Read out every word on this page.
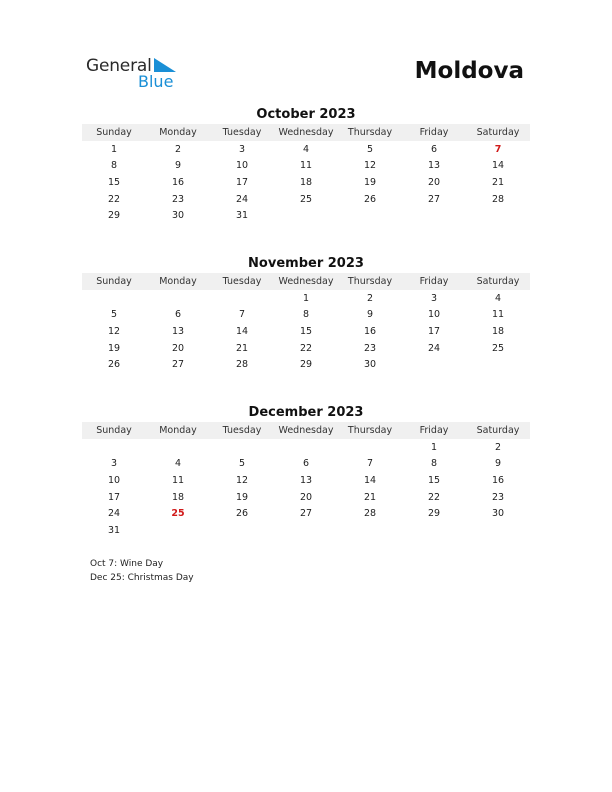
General
Blue	Moldova
October 2023
Sunday	Monday	Tuesday	Wednesday	Thursday	Friday	Saturday
1	2	3	4	5	6	7
8	9	10	11	12	13	14
15	16	17	18	19	20	21
22	23	24	25	26	27	28
29	30	31				
November 2023
Sunday	Monday	Tuesday	Wednesday	Thursday	Friday	Saturday
			1	2	3	4
5	6	7	8	9	10	11
12	13	14	15	16	17	18
19	20	21	22	23	24	25
26	27	28	29	30		
December 2023
Sunday	Monday	Tuesday	Wednesday	Thursday	Friday	Saturday
					1	2
3	4	5	6	7	8	9
10	11	12	13	14	15	16
17	18	19	20	21	22	23
24	25	26	27	28	29	30
31						
Oct 7: Wine Day
Dec 25: Christmas Day
